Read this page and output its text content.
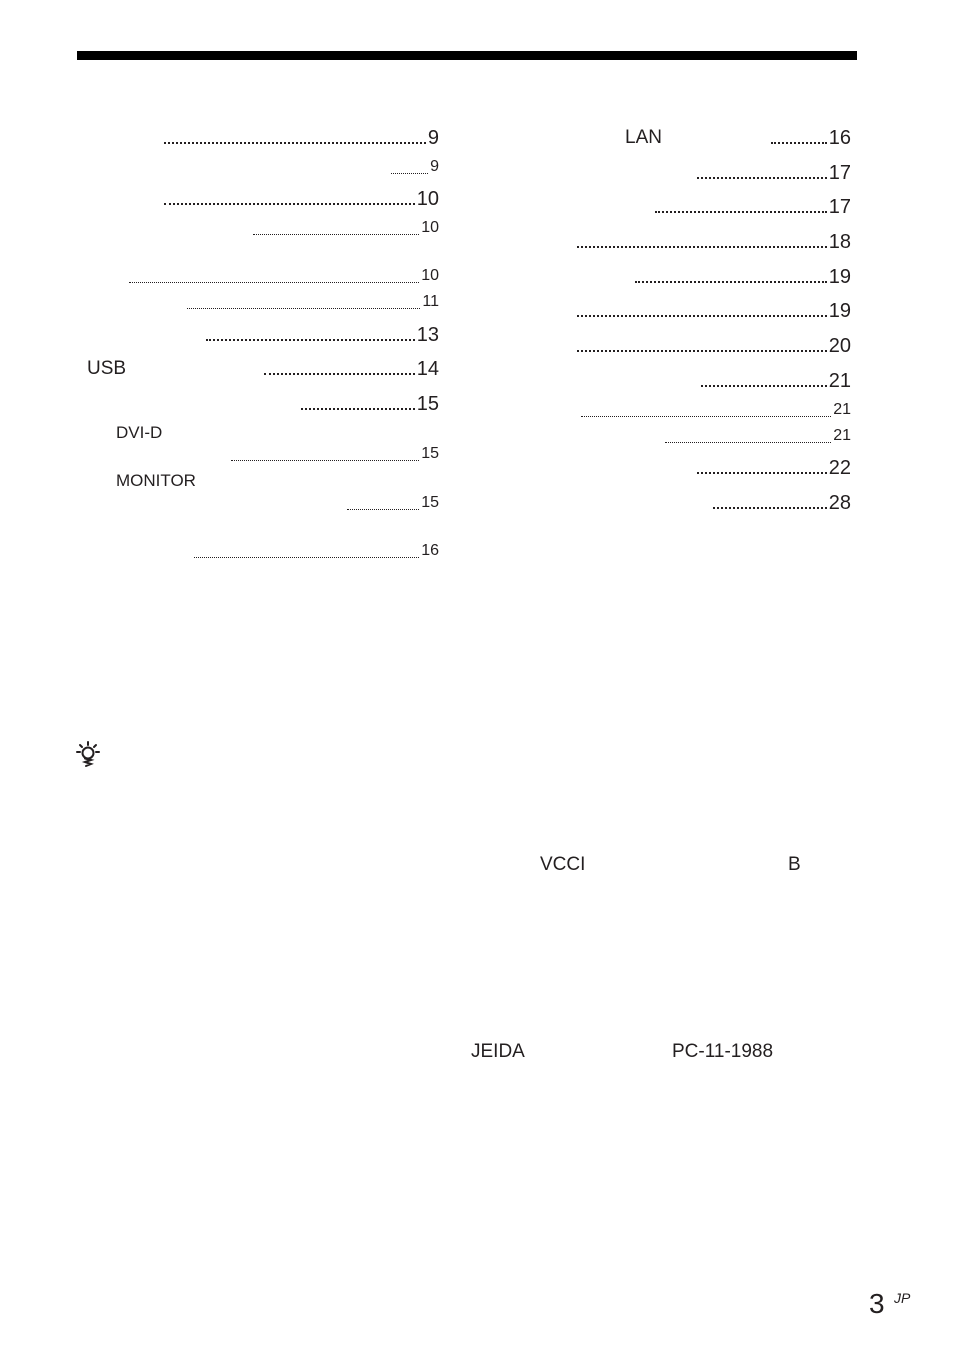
9
9
10
10
10
11
13
USB	14
15
DVI-D
15
MONITOR
15
16
LAN	16
17
17
18
19
19
20
21
21
21
22
28
VCCI	B
JEIDA	PC-11-1988
3 JP
